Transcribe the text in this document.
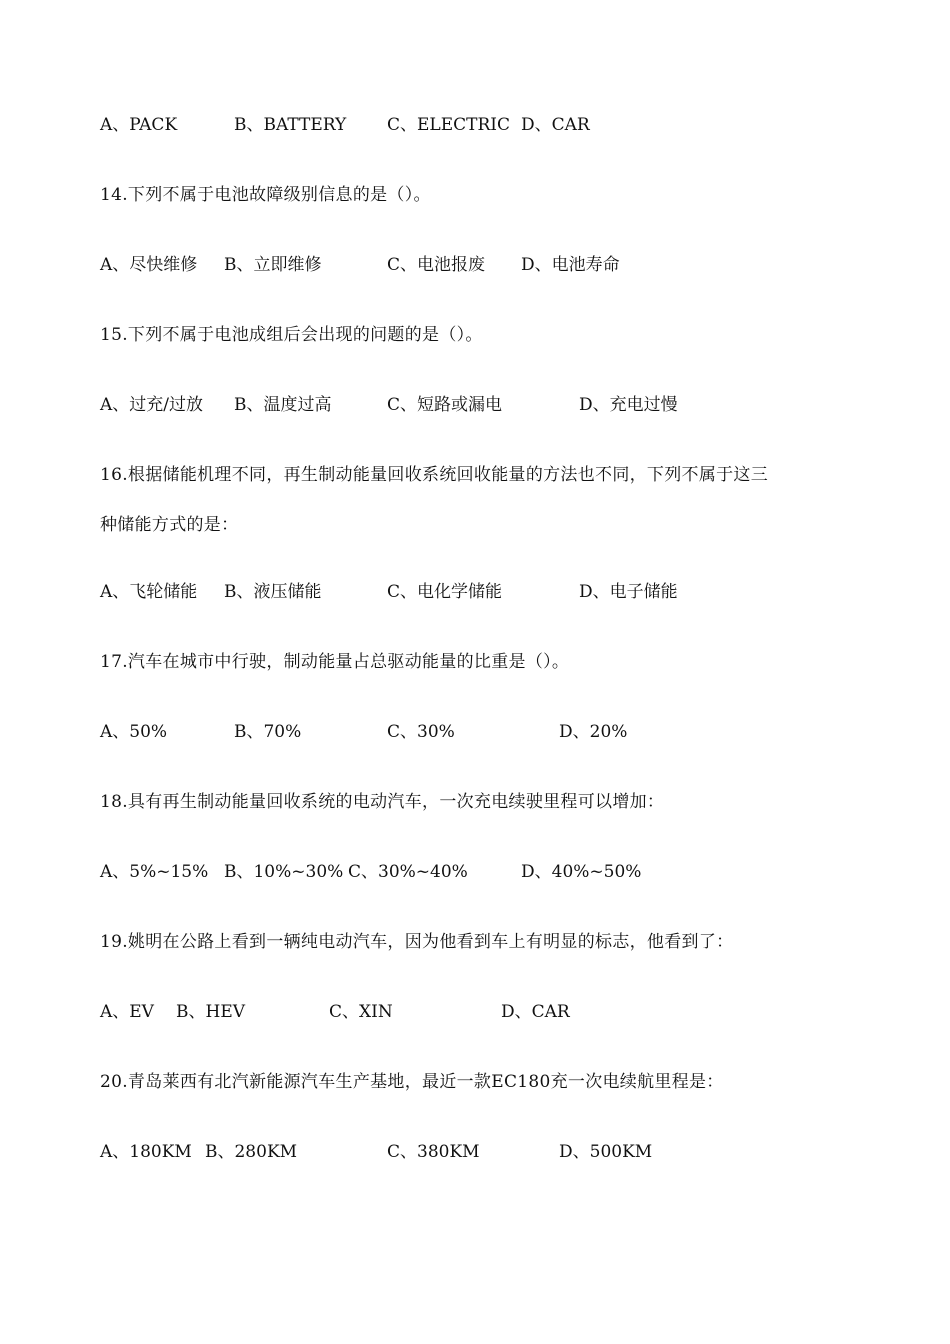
A、PACK	B、BATTERY C、ELECTRIC D、CAR
14.下列不属于电池故障级别信息的是（）。
A、尽快维修 B、立即维修	C、电池报废 D、电池寿命
15.下列不属于电池成组后会出现的问题的是（）。
A、过充/过放 B、温度过高	C、短路或漏电	D、充电过慢
16.根据储能机理不同，再生制动能量回收系统回收能量的方法也不同，下列不属于这三
种储能方式的是：
A、飞轮储能 B、液压储能	C、电化学储能	D、电子储能
17.汽车在城市中行驶，制动能量占总驱动能量的比重是（）。
A、50%	B、70%	C、30%	D、20%
18.具有再生制动能量回收系统的电动汽车，一次充电续驶里程可以增加：
A、5%~15% B、10%~30% C、30%~40%	D、40%~50%
19.姚明在公路上看到一辆纯电动汽车，因为他看到车上有明显的标志，他看到了：
A、EV B、HEV	C、XIN	D、CAR
20.青岛莱西有北汽新能源汽车生产基地，最近一款EC180充一次电续航里程是：
A、180KM B、280KM	C、380KM	D、500KM
